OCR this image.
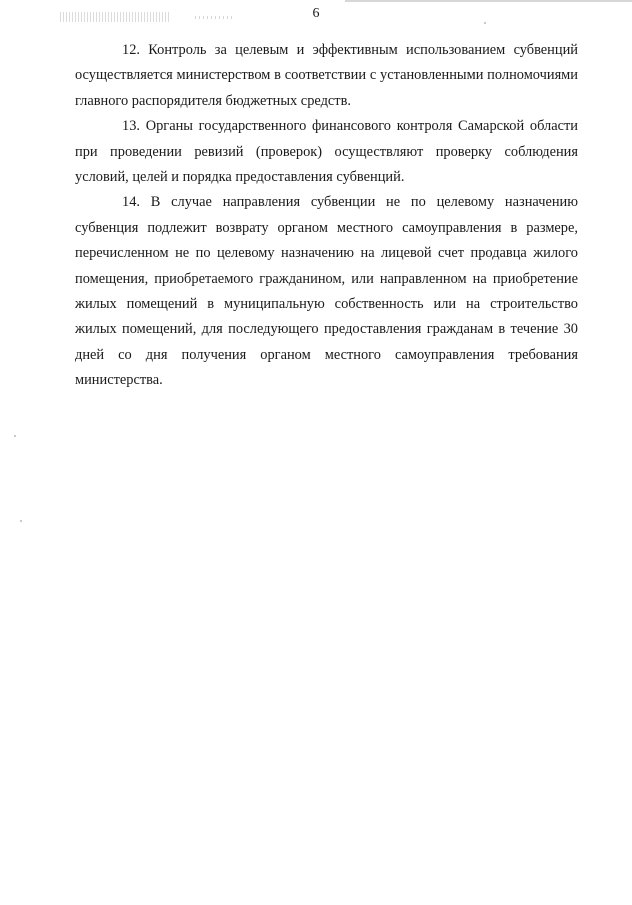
6

12. Контроль за целевым и эффективным использованием субвенций осуществляется министерством в соответствии с установленными полномочиями главного распорядителя бюджетных средств.

13. Органы государственного финансового контроля Самарской области при проведении ревизий (проверок) осуществляют проверку соблюдения условий, целей и порядка предоставления субвенций.

14. В случае направления субвенции не по целевому назначению субвенция подлежит возврату органом местного самоуправления в размере, перечисленном не по целевому назначению на лицевой счет продавца жилого помещения, приобретаемого гражданином, или направленном на приобретение жилых помещений в муниципальную собственность или на строительство жилых помещений, для последующего предоставления гражданам в течение 30 дней со дня получения органом местного самоуправления требования министерства.
